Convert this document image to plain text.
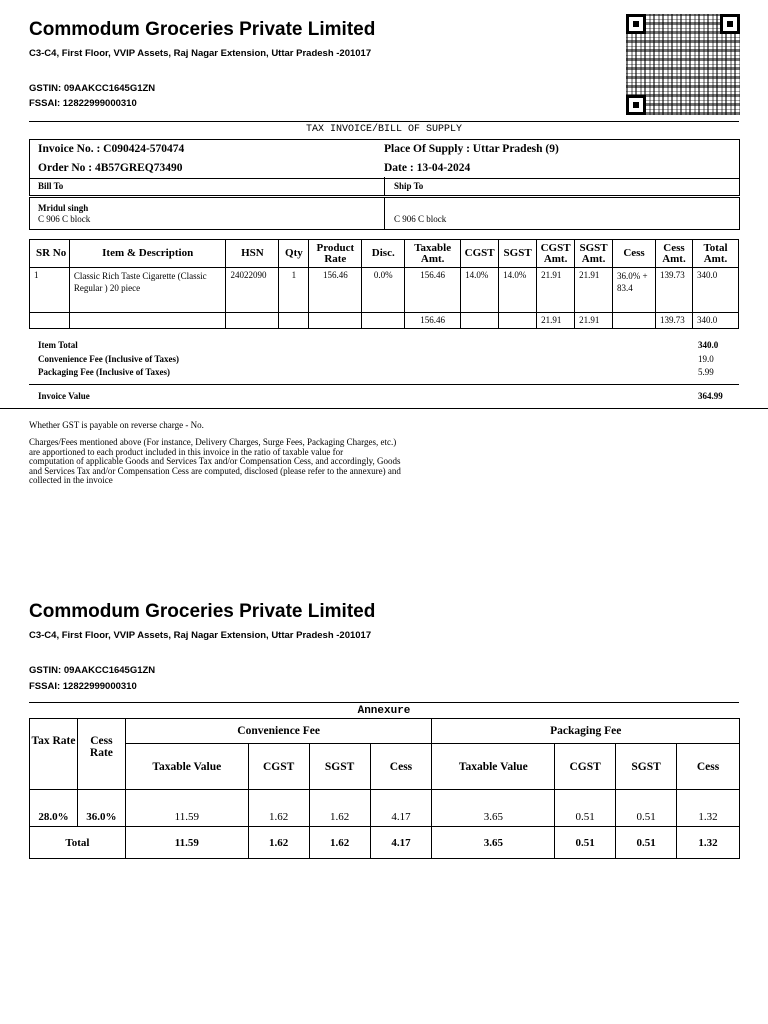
Commodum Groceries Private Limited
C3-C4, First Floor, VVIP Assets, Raj Nagar Extension, Uttar Pradesh -201017
GSTIN: 09AAKCC1645G1ZN
FSSAI: 12822999000310
TAX INVOICE/BILL OF SUPPLY
Invoice No. : C090424-570474
Order No : 4B57GREQ73490
Place Of Supply : Uttar Pradesh (9)
Date : 13-04-2024
Bill To	Ship To
Mridul singh
C 906 C block	C 906 C block
SR No	Item & Description	HSN	Qty	Product Rate	Disc.	Taxable Amt.	CGST	SGST	CGST Amt.	SGST Amt.	Cess	Cess Amt.	Total Amt.
1	Classic Rich Taste Cigarette (Classic Regular ) 20 piece	24022090	1	156.46	0.0%	156.46	14.0%	14.0%	21.91	21.91	36.0% + 83.4	139.73	340.0
						156.46			21.91	21.91		139.73	340.0
Item Total	340.0
Convenience Fee (Inclusive of Taxes)	19.0
Packaging Fee (Inclusive of Taxes)	5.99
Invoice Value	364.99
Whether GST is payable on reverse charge - No.
Charges/Fees mentioned above (For instance, Delivery Charges, Surge Fees, Packaging Charges, etc.)
are apportioned to each product included in this invoice in the ratio of taxable value for
computation of applicable Goods and Services Tax and/or Compensation Cess, and accordingly, Goods
and Services Tax and/or Compensation Cess are computed, disclosed (please refer to the annexure) and
collected in the invoice
Commodum Groceries Private Limited
C3-C4, First Floor, VVIP Assets, Raj Nagar Extension, Uttar Pradesh -201017
GSTIN: 09AAKCC1645G1ZN
FSSAI: 12822999000310
Annexure
Tax Rate	Cess Rate	Convenience Fee				Packaging Fee			
		Taxable Value	CGST	SGST	Cess	Taxable Value	CGST	SGST	Cess
28.0%	36.0%	11.59	1.62	1.62	4.17	3.65	0.51	0.51	1.32
Total		11.59	1.62	1.62	4.17	3.65	0.51	0.51	1.32
